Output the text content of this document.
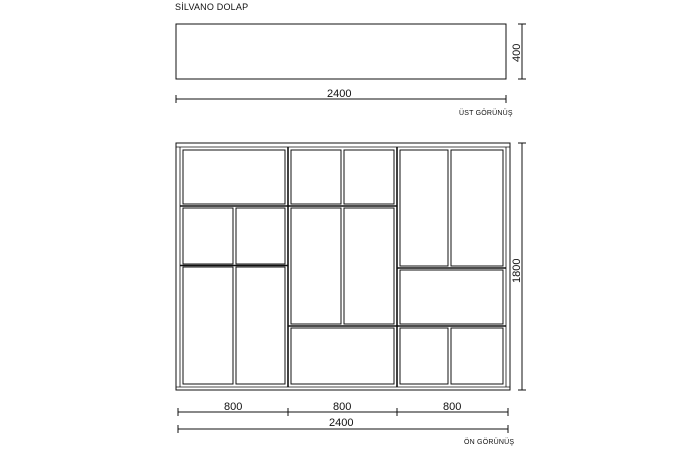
SİLVANO DOLAP
400
2400
ÜST GÖRÜNÜŞ
1800
800	800	800
2400
ÖN GÖRÜNÜŞ
